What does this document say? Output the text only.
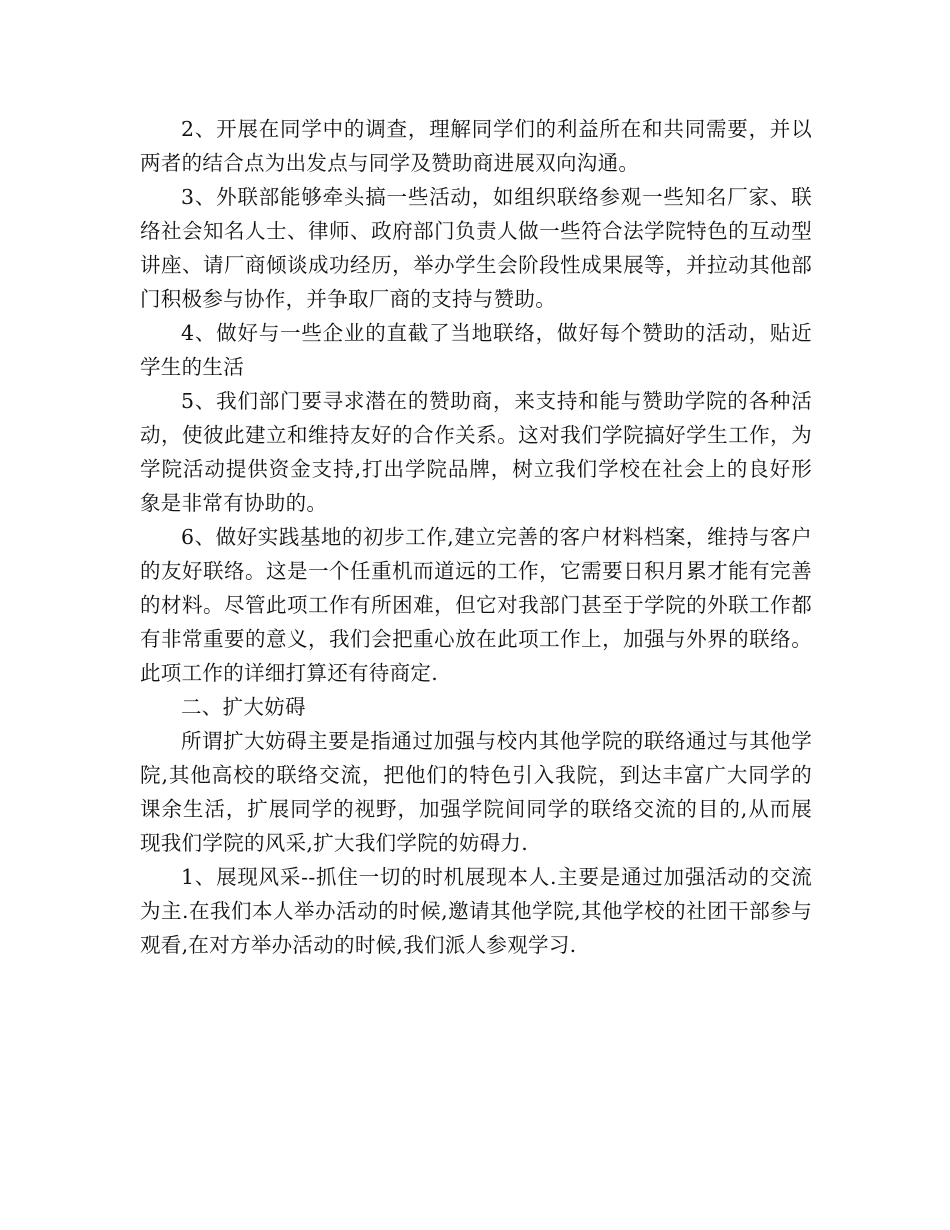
2、开展在同学中的调查，理解同学们的利益所在和共同需要，并以两者的结合点为出发点与同学及赞助商进展双向沟通。

3、外联部能够牵头搞一些活动，如组织联络参观一些知名厂家、联络社会知名人士、律师、政府部门负责人做一些符合法学院特色的互动型讲座、请厂商倾谈成功经历，举办学生会阶段性成果展等，并拉动其他部门积极参与协作，并争取厂商的支持与赞助。

4、做好与一些企业的直截了当地联络，做好每个赞助的活动，贴近学生的生活

5、我们部门要寻求潜在的赞助商，来支持和能与赞助学院的各种活动，使彼此建立和维持友好的合作关系。这对我们学院搞好学生工作，为学院活动提供资金支持,打出学院品牌，树立我们学校在社会上的良好形象是非常有协助的。

6、做好实践基地的初步工作,建立完善的客户材料档案，维持与客户的友好联络。这是一个任重机而道远的工作，它需要日积月累才能有完善的材料。尽管此项工作有所困难，但它对我部门甚至于学院的外联工作都有非常重要的意义，我们会把重心放在此项工作上，加强与外界的联络。此项工作的详细打算还有待商定.

二、扩大妨碍

所谓扩大妨碍主要是指通过加强与校内其他学院的联络通过与其他学院,其他高校的联络交流，把他们的特色引入我院，到达丰富广大同学的课余生活，扩展同学的视野，加强学院间同学的联络交流的目的,从而展现我们学院的风采,扩大我们学院的妨碍力.

1、展现风采--抓住一切的时机展现本人.主要是通过加强活动的交流为主.在我们本人举办活动的时候,邀请其他学院,其他学校的社团干部参与观看,在对方举办活动的时候,我们派人参观学习.
